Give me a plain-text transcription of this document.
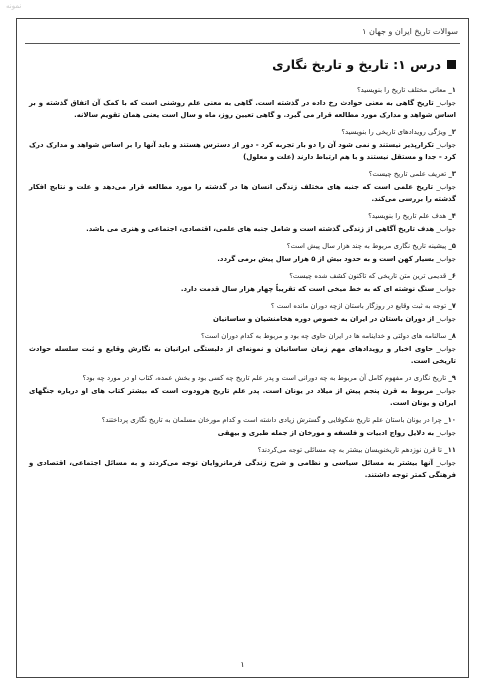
نمونه
سوالات تاریخ ایران و جهان ۱
درس ۱: تاریخ و تاریخ نگاری
۱_ معانی مختلف تاریخ را بنویسید؟
جواب_ تاریخ گاهی به معنی حوادث رخ داده در گذشته است. گاهی به معنی علم روشنی است که با کمک آن اتفاق گذشته و بر اساس شواهد و مدارک مورد مطالعه قرار می گیرد. و گاهی تعیین روز، ماه و سال است یعنی همان تقویم سالانه.
۲_ ویژگی رویدادهای تاریخی را بنویسید؟
جواب_ تکرارپذیر نیستند و نمی شود آن را دو بار تجربه کرد - دور از دسترس هستند و باید آنها را بر اساس شواهد و مدارک درک کرد - جدا و مستقل نیستند و با هم ارتباط دارند (علت و معلول)
۳_ تعریف علمی تاریخ چیست؟
جواب_ تاریخ علمی است که جنبه های مختلف زندگی انسان ها در گذشته را مورد مطالعه قرار می‌دهد و علت و نتایج افکار گذشته را بررسی می‌کند.
۴_ هدف علم تاریخ را بنویسید؟
جواب_ هدف تاریخ آگاهی از زندگی گذشته است و شامل جنبه های علمی، اقتصادی، اجتماعی و هنری می باشد.
۵_ پیشینه تاریخ نگاری مربوط به چند هزار سال پیش است؟
جواب_ بسیار کهن است و به حدود بیش از ۵ هزار سال پیش برمی گردد.
۶_ قدیمی ترین متن تاریخی که تاکنون کشف شده چیست؟
جواب_ سنگ نوشته ای که به خط میخی است که تقریباً چهار هزار سال قدمت دارد.
۷_ توجه به ثبت وقایع در روزگار باستان ازچه دوران مانده است ؟
جواب_ از دوران باستان در ایران به خصوص دوره هخامنشیان و ساسانیان
۸_ سالنامه های دولتی و خداینامه ها در ایران حاوی چه بود و مربوط به کدام دوران است؟
جواب_ حاوی اخبار و رویدادهای مهم زمان ساسانیان و نمونه‌ای از دلبستگی ایرانیان به نگارش وقایع و ثبت سلسله حوادث تاریخی است.
۹_ تاریخ نگاری در مفهوم کامل آن مربوط به چه دورانی است و پدر علم تاریخ چه کسی بود و بخش عمده، کتاب او در مورد چه بود؟
جواب_ مربوط به قرن پنجم پیش از میلاد در یونان است. پدر علم تاریخ هرودوت است که بیشتر کتاب های او درباره جنگهای ایران و یونان است.
۱۰_ چرا در یونان باستان علم تاریخ شکوفایی و گسترش زیادی داشته است و کدام مورخان مسلمان به تاریخ نگاری پرداختند؟
جواب_ به دلایل رواج ادبیات و فلسفه و مورخان از جمله طبری و بیهقی
۱۱_ تا قرن نوزدهم تاریخنویسان بیشتر به چه مسائلی توجه می‌کردند؟
جواب_ آنها بیشتر به مسائل سیاسی و نظامی و شرح زندگی فرمانروایان توجه می‌کردند و به مسائل اجتماعی، اقتصادی و فرهنگی کمتر توجه داشتند.
۱
